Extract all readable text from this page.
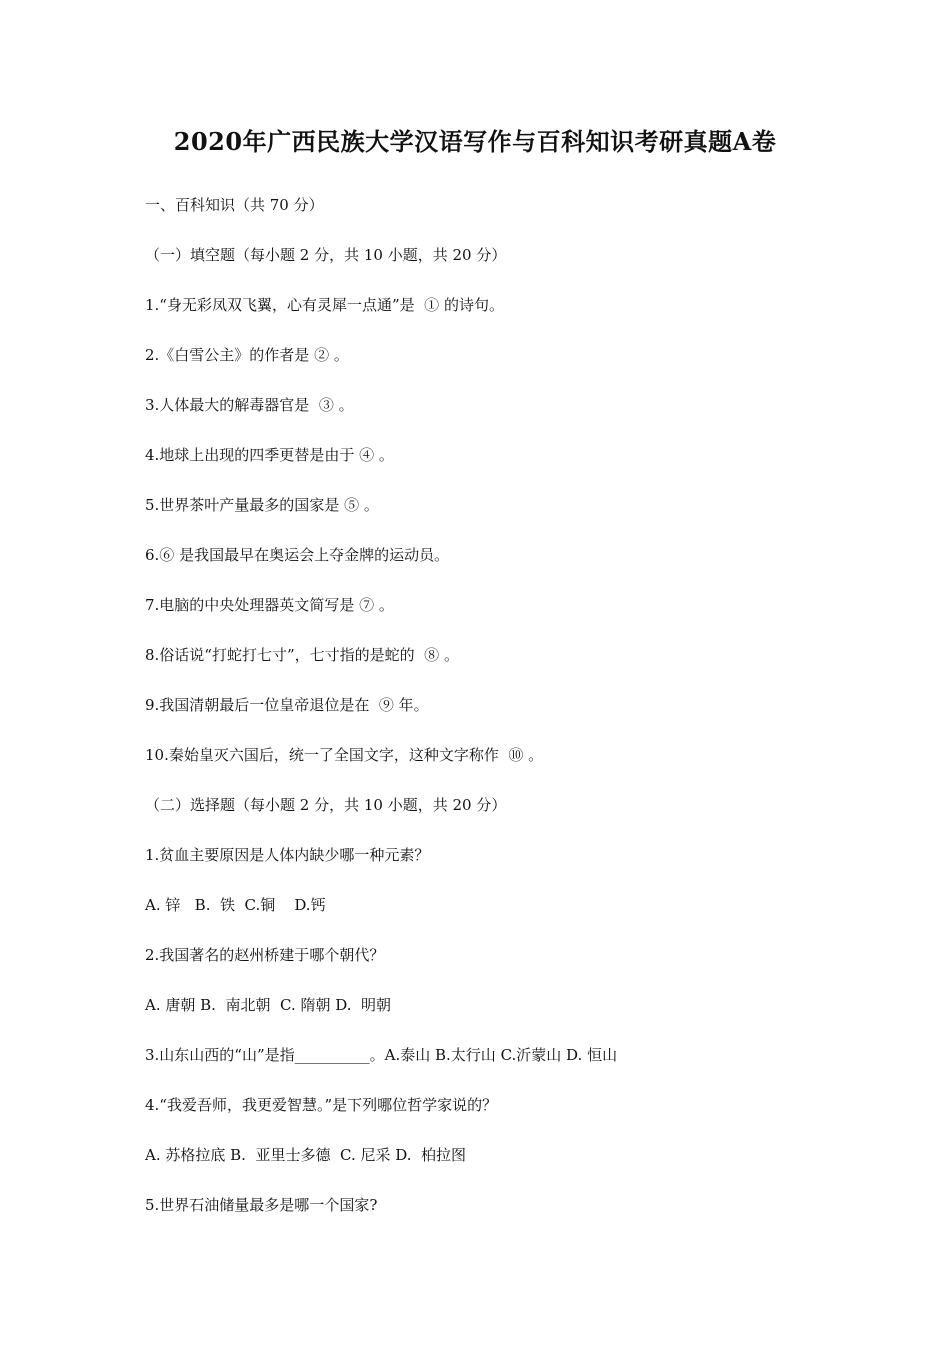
2020年广西民族大学汉语写作与百科知识考研真题A卷
一、百科知识（共 70 分）
（一）填空题（每小题 2 分，共 10 小题，共 20 分）
1.“身无彩凤双飞翼，心有灵犀一点通”是  ① 的诗句。
2.《白雪公主》的作者是 ② 。
3.人体最大的解毒器官是  ③ 。
4.地球上出现的四季更替是由于 ④ 。
5.世界茶叶产量最多的国家是 ⑤ 。
6.⑥ 是我国最早在奥运会上夺金牌的运动员。
7.电脑的中央处理器英文简写是 ⑦ 。
8.俗话说“打蛇打七寸”，七寸指的是蛇的  ⑧ 。
9.我国清朝最后一位皇帝退位是在  ⑨ 年。
10.秦始皇灭六国后，统一了全国文字，这种文字称作  ⑩ 。
（二）选择题（每小题 2 分，共 10 小题，共 20 分）
1.贫血主要原因是人体内缺少哪一种元素？
A. 锌   B.  铁  C.铜    D.钙
2.我国著名的赵州桥建于哪个朝代？
A. 唐朝 B.  南北朝  C. 隋朝 D.  明朝
3.山东山西的“山”是指__________。A.泰山 B.太行山 C.沂蒙山 D. 恒山
4.“我爱吾师，我更爱智慧。”是下列哪位哲学家说的？
A. 苏格拉底 B.  亚里士多德  C. 尼采 D.  柏拉图
5.世界石油储量最多是哪一个国家?
